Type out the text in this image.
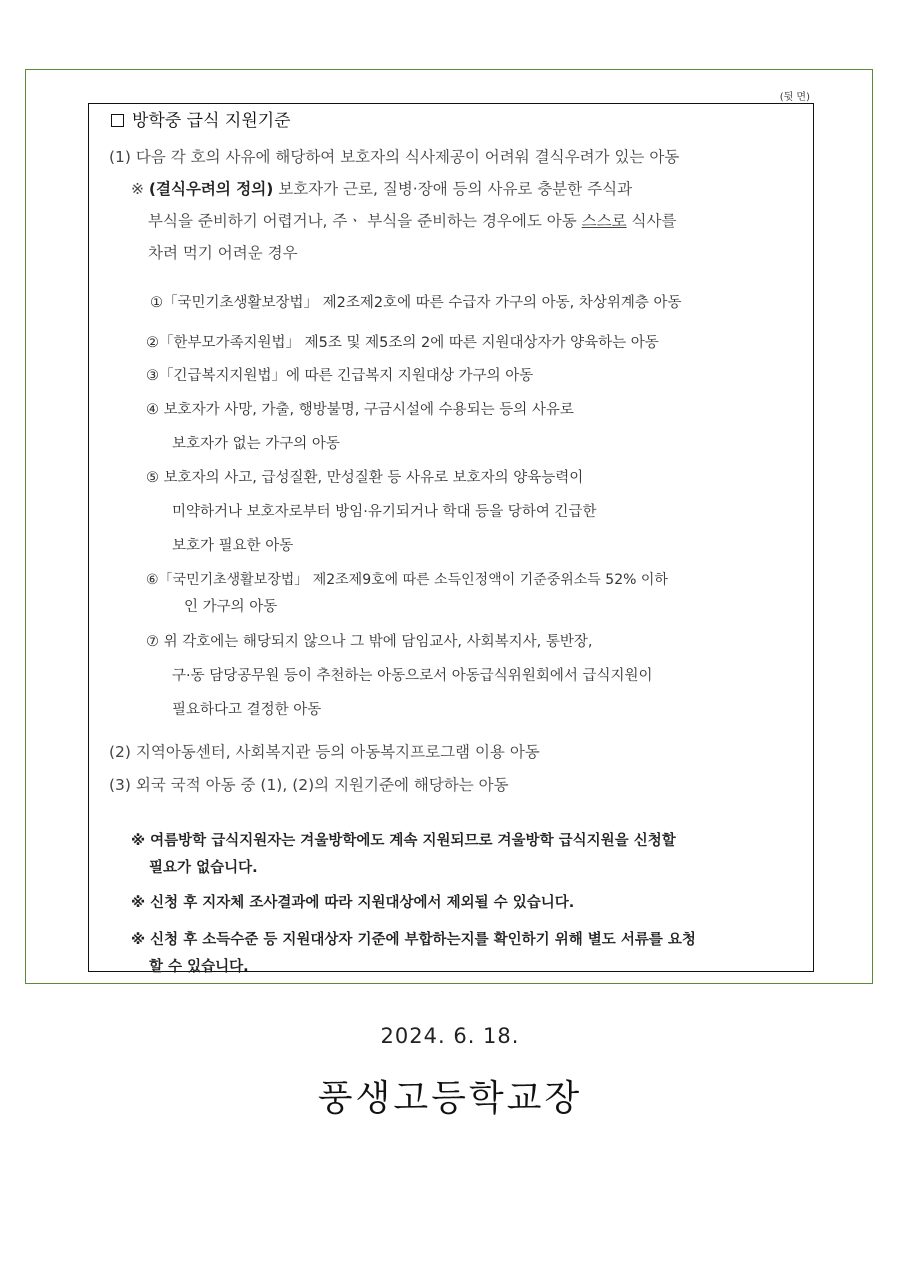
(뒷 면)
방학중 급식 지원기준
(1) 다음 각 호의 사유에 해당하여 보호자의 식사제공이 어려워 결식우려가 있는 아동
※ (결식우려의 정의) 보호자가 근로, 질병·장애 등의 사유로 충분한 주식과
부식을 준비하기 어렵거나, 주ㆍ 부식을 준비하는 경우에도 아동 스스로 식사를
차려 먹기 어려운 경우
①「국민기초생활보장법」 제2조제2호에 따른 수급자 가구의 아동, 차상위계층 아동
②「한부모가족지원법」 제5조 및 제5조의 2에 따른 지원대상자가 양육하는 아동
③「긴급복지지원법」에 따른 긴급복지 지원대상 가구의 아동
④ 보호자가 사망, 가출, 행방불명, 구금시설에 수용되는 등의 사유로
보호자가 없는 가구의 아동
⑤ 보호자의 사고, 급성질환, 만성질환 등 사유로 보호자의 양육능력이
미약하거나 보호자로부터 방임·유기되거나 학대 등을 당하여 긴급한
보호가 필요한 아동
⑥「국민기초생활보장법」 제2조제9호에 따른 소득인정액이 기준중위소득 52% 이하
인 가구의 아동
⑦ 위 각호에는 해당되지 않으나 그 밖에 담임교사, 사회복지사, 통반장,
구·동 담당공무원 등이 추천하는 아동으로서 아동급식위원회에서 급식지원이
필요하다고 결정한 아동
(2) 지역아동센터, 사회복지관 등의 아동복지프로그램 이용 아동
(3) 외국 국적 아동 중 (1), (2)의 지원기준에 해당하는 아동
※ 여름방학 급식지원자는 겨울방학에도 계속 지원되므로 겨울방학 급식지원을 신청할
필요가 없습니다.
※ 신청 후 지자체 조사결과에 따라 지원대상에서 제외될 수 있습니다.
※ 신청 후 소득수준 등 지원대상자 기준에 부합하는지를 확인하기 위해 별도 서류를 요청
할 수 있습니다.
2024. 6. 18.
풍생고등학교장
